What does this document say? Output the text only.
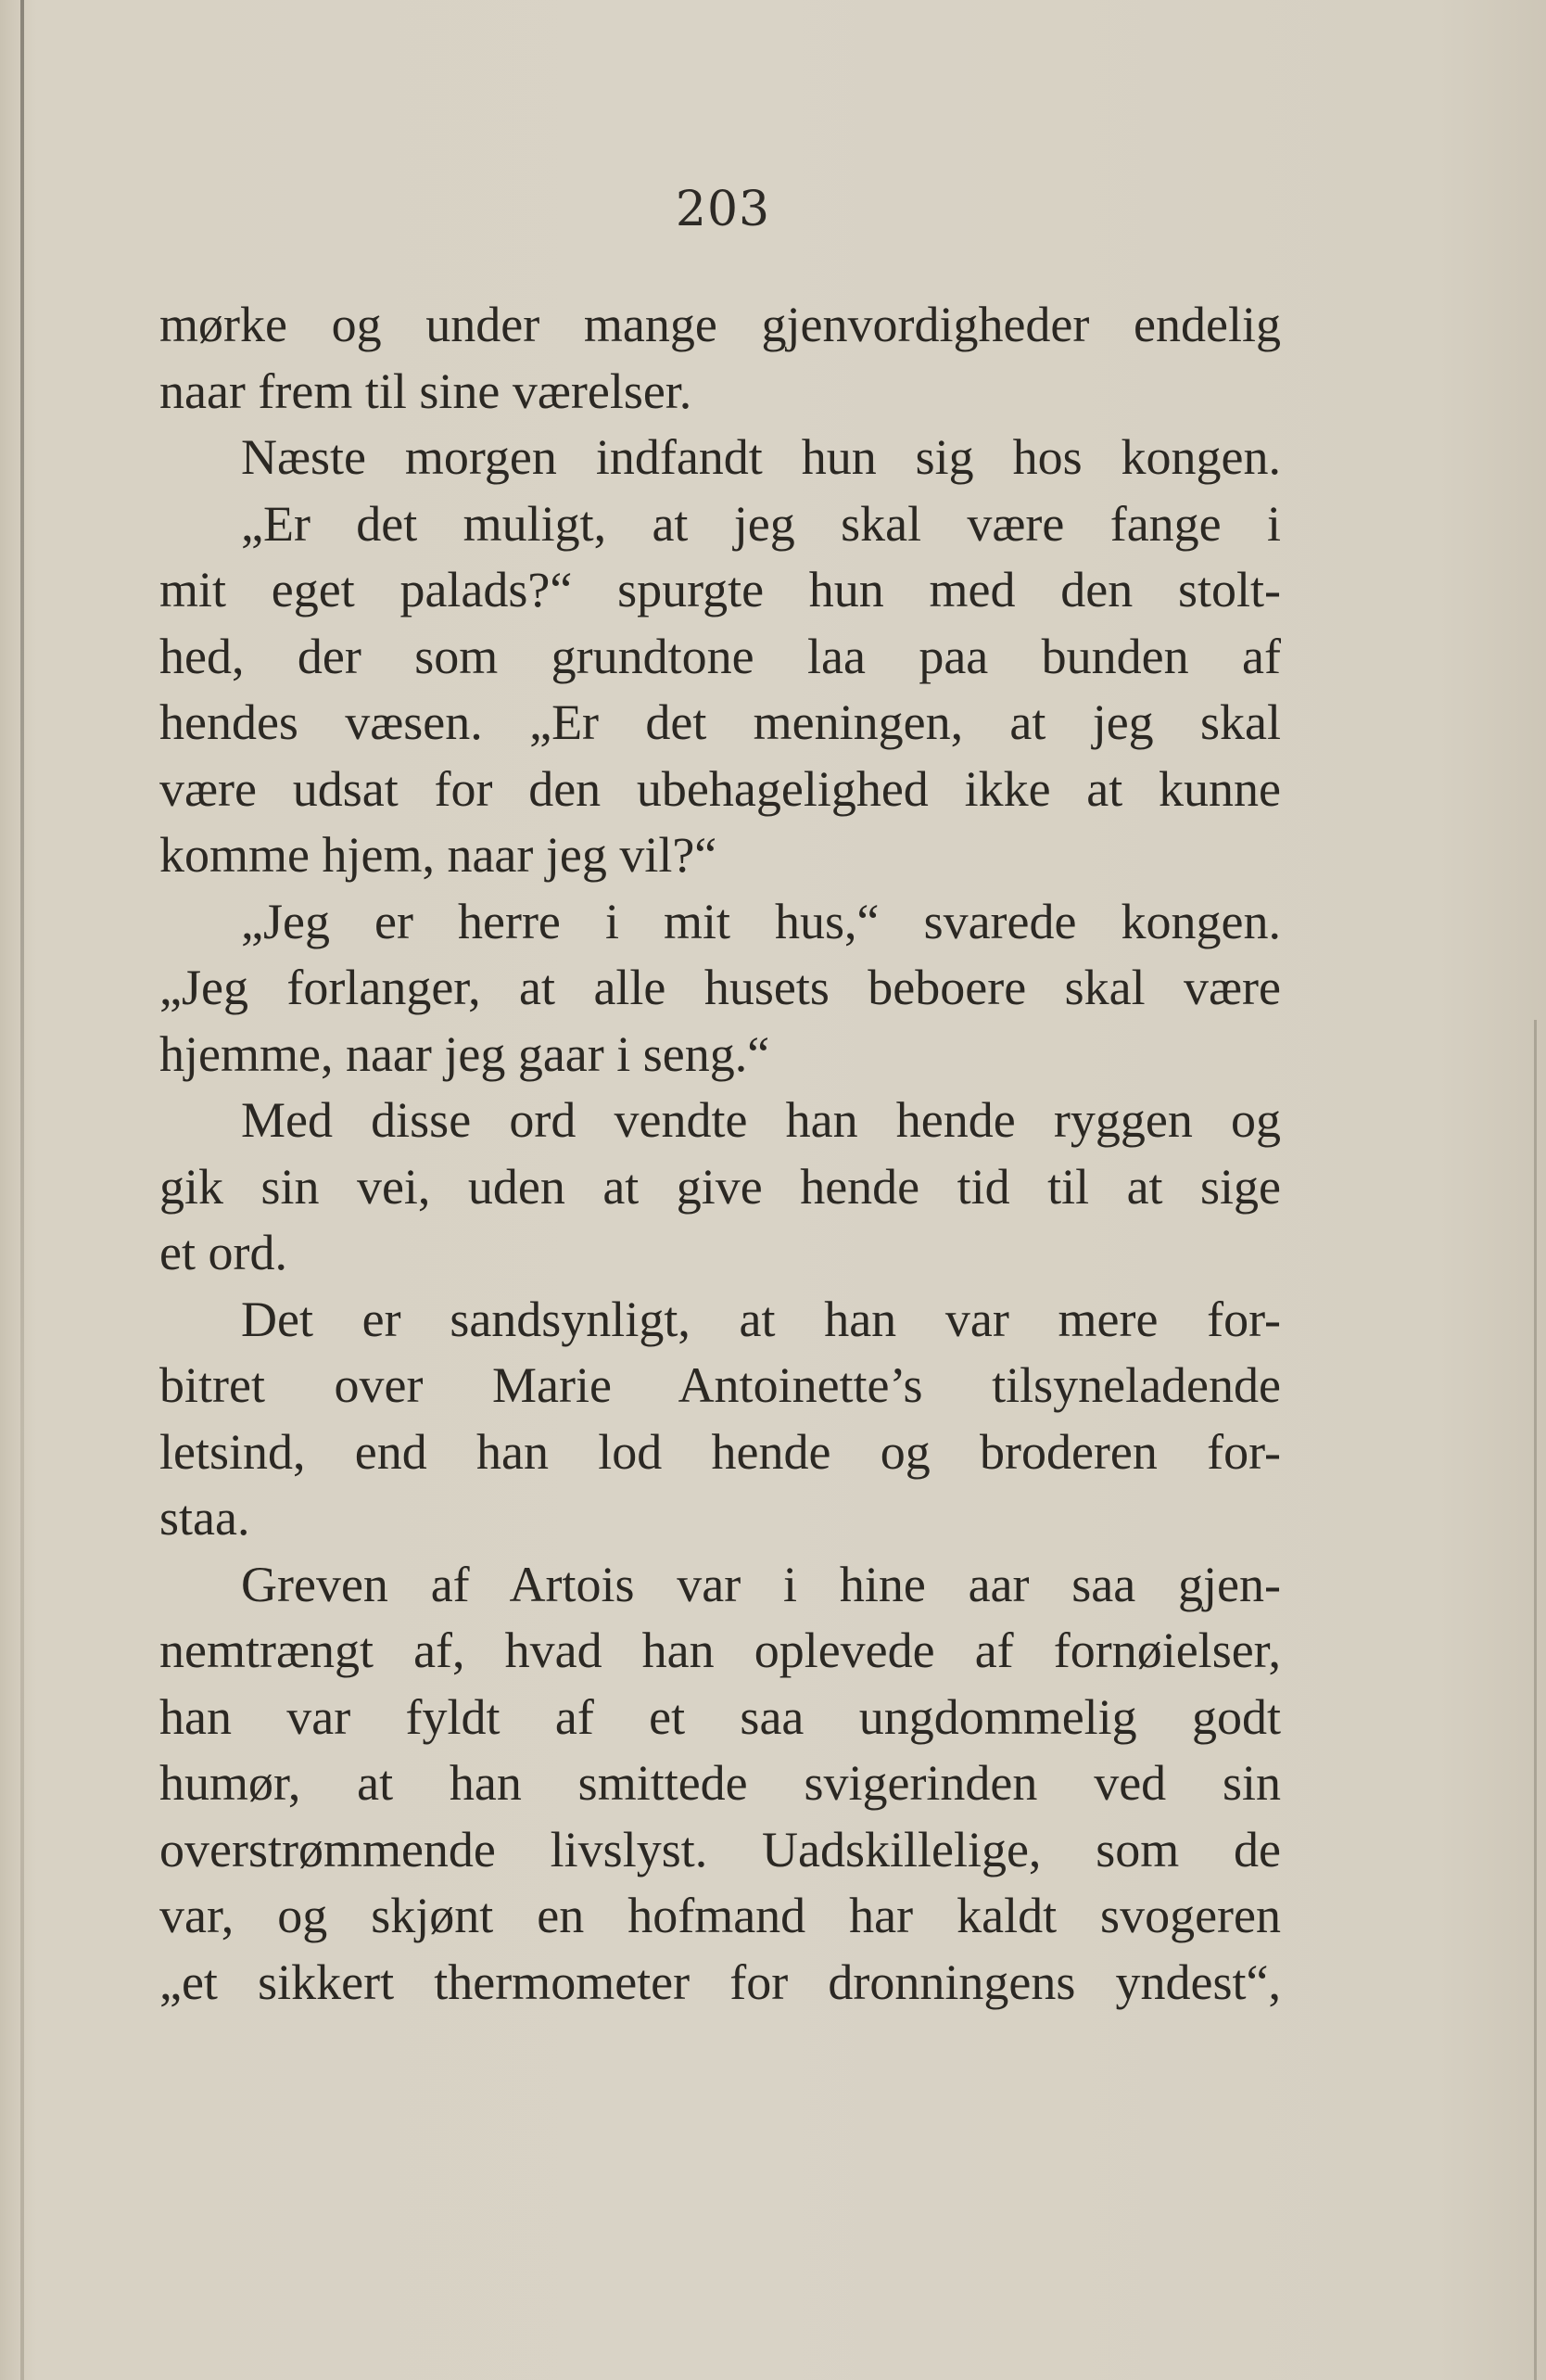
203
mørke og under mange gjenvordigheder endelig
naar frem til sine værelser.
Næste morgen indfandt hun sig hos kongen.
„Er det muligt, at jeg skal være fange i
mit eget palads?“ spurgte hun med den stolt-
hed, der som grundtone laa paa bunden af
hendes væsen. „Er det meningen, at jeg skal
være udsat for den ubehagelighed ikke at kunne
komme hjem, naar jeg vil?“
„Jeg er herre i mit hus,“ svarede kongen.
„Jeg forlanger, at alle husets beboere skal være
hjemme, naar jeg gaar i seng.“
Med disse ord vendte han hende ryggen og
gik sin vei, uden at give hende tid til at sige
et ord.
Det er sandsynligt, at han var mere for-
bitret over Marie Antoinette’s tilsyneladende
letsind, end han lod hende og broderen for-
staa.
Greven af Artois var i hine aar saa gjen-
nemtrængt af, hvad han oplevede af fornøielser,
han var fyldt af et saa ungdommelig godt
humør, at han smittede svigerinden ved sin
overstrømmende livslyst. Uadskillelige, som de
var, og skjønt en hofmand har kaldt svogeren
„et sikkert thermometer for dronningens yndest“,
